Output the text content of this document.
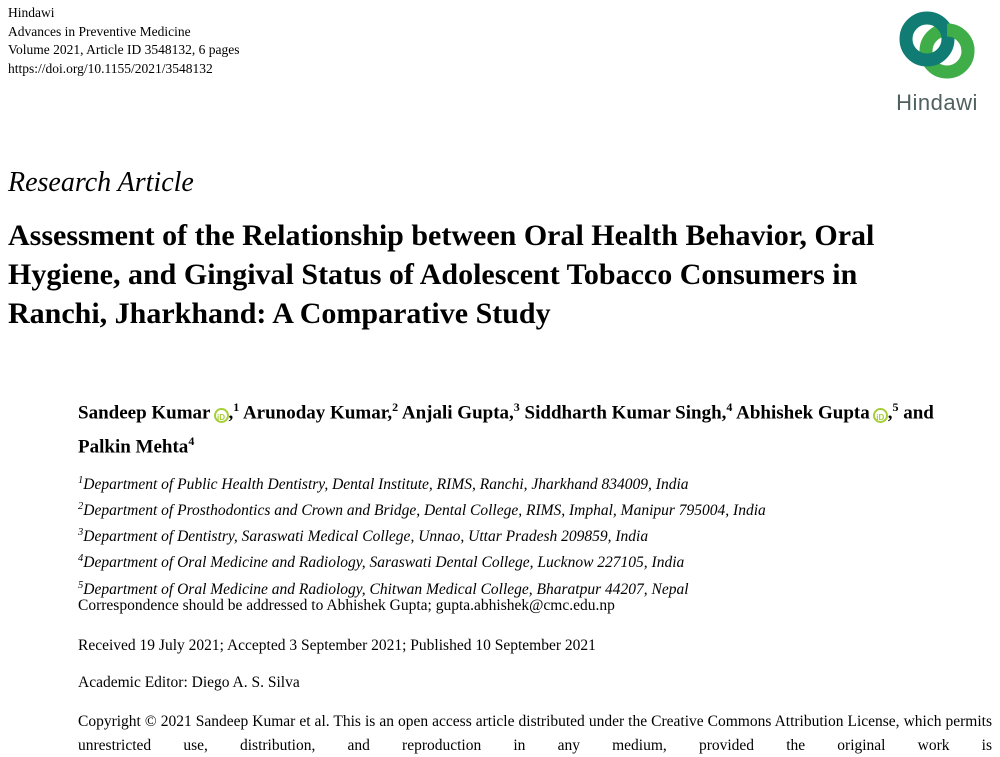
Hindawi
Advances in Preventive Medicine
Volume 2021, Article ID 3548132, 6 pages
https://doi.org/10.1155/2021/3548132
Hindawi
Research Article
Assessment of the Relationship between Oral Health Behavior, Oral Hygiene, and Gingival Status of Adolescent Tobacco Consumers in Ranchi, Jharkhand: A Comparative Study
Sandeep Kumar iD ,$^1$ Arunoday Kumar,$^2$ Anjali Gupta,$^3$ Siddharth Kumar Singh,$^4$ Abhishek Gupta iD ,$^5$ and Palkin Mehta$^4$
$^1$Department of Public Health Dentistry, Dental Institute, RIMS, Ranchi, Jharkhand 834009, India
$^2$Department of Prosthodontics and Crown and Bridge, Dental College, RIMS, Imphal, Manipur 795004, India
$^3$Department of Dentistry, Saraswati Medical College, Unnao, Uttar Pradesh 209859, India
$^4$Department of Oral Medicine and Radiology, Saraswati Dental College, Lucknow 227105, India
$^5$Department of Oral Medicine and Radiology, Chitwan Medical College, Bharatpur 44207, Nepal
Correspondence should be addressed to Abhishek Gupta; gupta.abhishek@cmc.edu.np
Received 19 July 2021; Accepted 3 September 2021; Published 10 September 2021
Academic Editor: Diego A. S. Silva
Copyright © 2021 Sandeep Kumar et al. This is an open access article distributed under the Creative Commons Attribution License, which permits unrestricted use, distribution, and reproduction in any medium, provided the original work is
